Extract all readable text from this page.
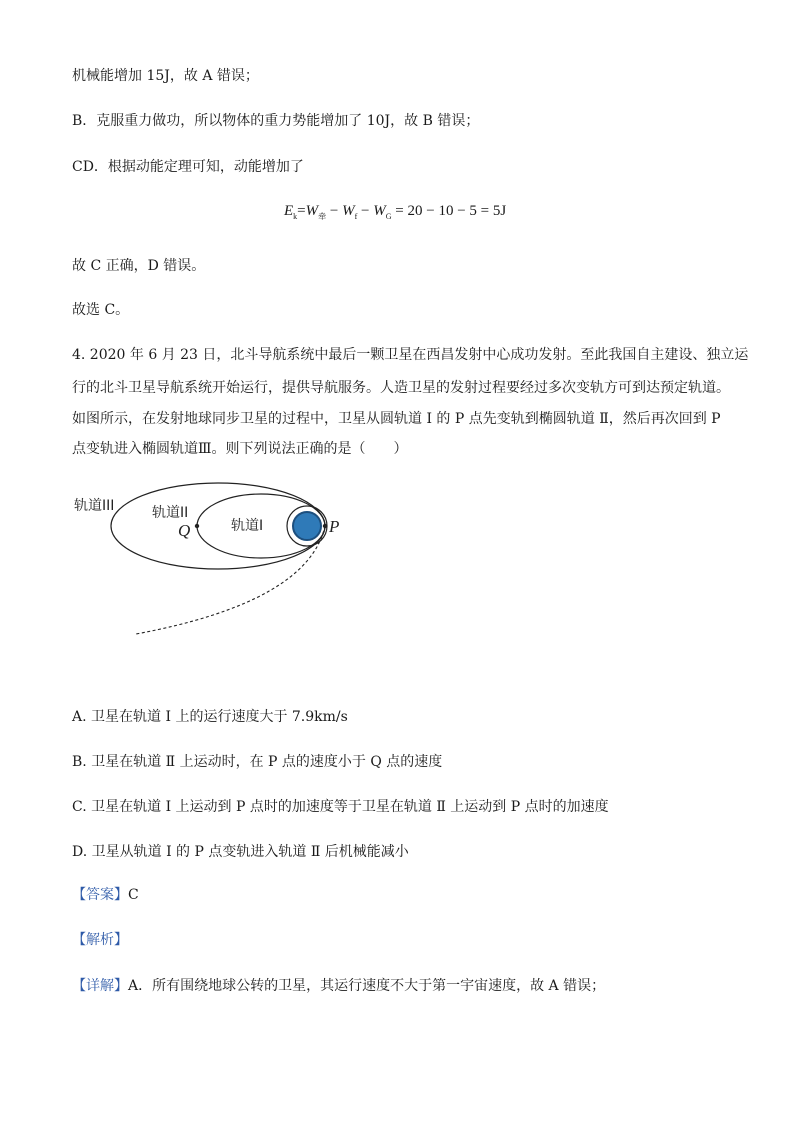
机械能增加 15J，故 A 错误；
B．克服重力做功，所以物体的重力势能增加了 10J，故 B 错误；
CD．根据动能定理可知，动能增加了
$E_k=W_牵 - W_f - W_G = 20 - 10 - 5 = 5J$
故 C 正确，D 错误。
故选 C。
4. 2020 年 6 月 23 日，北斗导航系统中最后一颗卫星在西昌发射中心成功发射。至此我国自主建设、独立运
行的北斗卫星导航系统开始运行，提供导航服务。人造卫星的发射过程要经过多次变轨方可到达预定轨道。
如图所示，在发射地球同步卫星的过程中，卫星从圆轨道 I 的 P 点先变轨到椭圆轨道 Ⅱ，然后再次回到 P
点变轨进入椭圆轨道Ⅲ。则下列说法正确的是（　　）
轨道III	轨道II
轨道I
Q	P
A. 卫星在轨道 I 上的运行速度大于 7.9km/s
B. 卫星在轨道 Ⅱ 上运动时，在 P 点的速度小于 Q 点的速度
C. 卫星在轨道 I 上运动到 P 点时的加速度等于卫星在轨道 Ⅱ 上运动到 P 点时的加速度
D. 卫星从轨道 I 的 P 点变轨进入轨道 Ⅱ 后机械能减小
【答案】C
【解析】
【详解】A．所有围绕地球公转的卫星，其运行速度不大于第一宇宙速度，故 A 错误；
